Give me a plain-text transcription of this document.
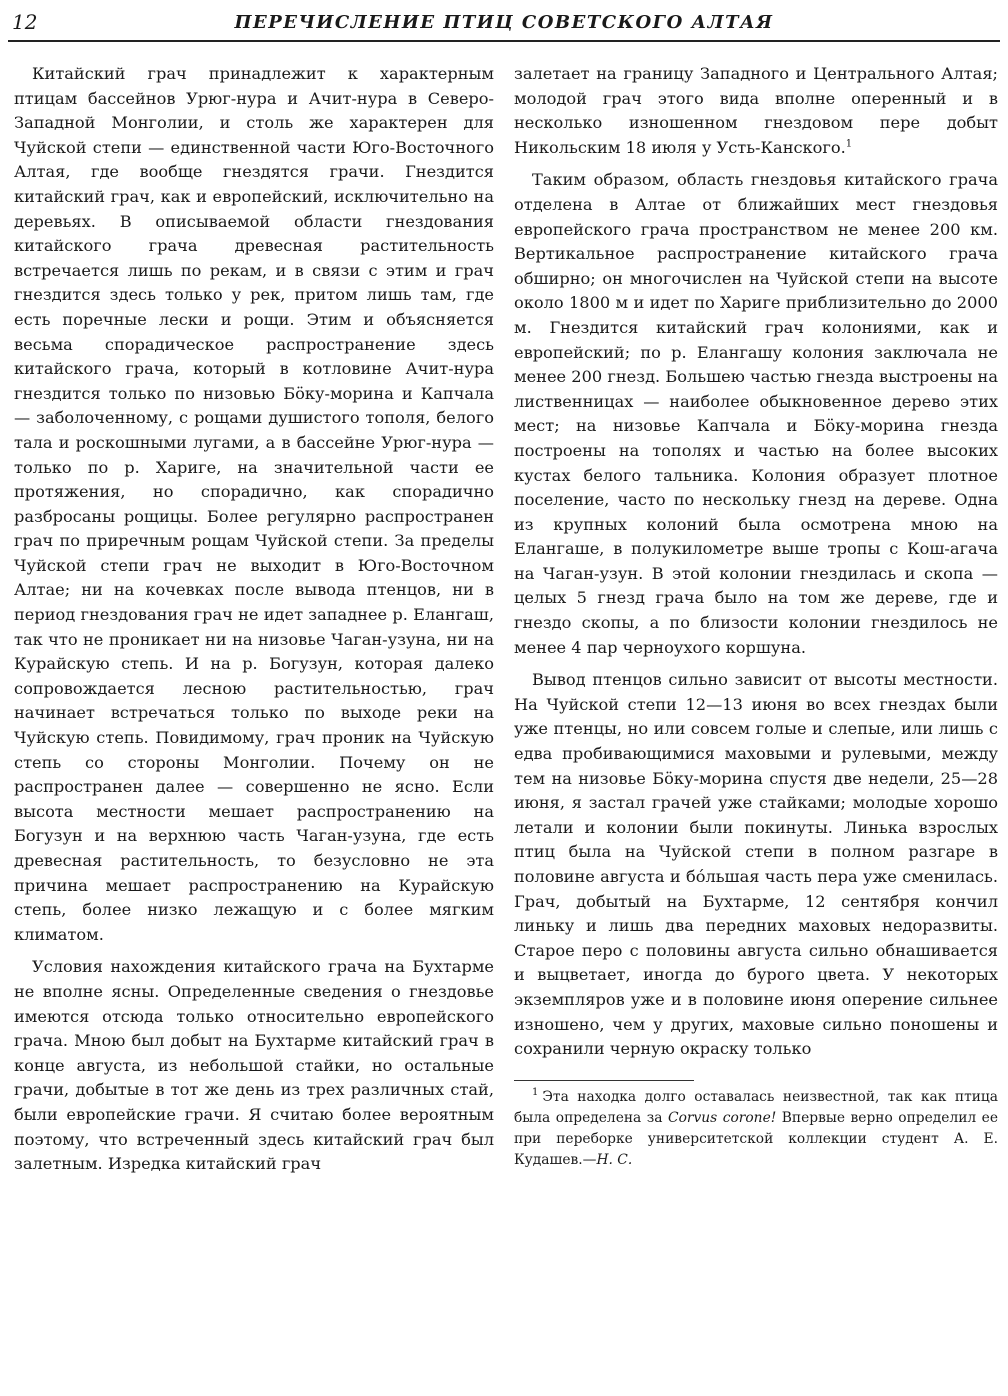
12	ПЕРЕЧИСЛЕНИЕ ПТИЦ СОВЕТСКОГО АЛТАЯ

Китайский грач принадлежит к характерным птицам бассейнов Урюг-нура и Ачит-нура в Северо-Западной Монголии, и столь же характерен для Чуйской степи — единственной части Юго-Восточного Алтая, где вообще гнездятся грачи. Гнездится китайский грач, как и европейский, исключительно на деревьях. В описываемой области гнездования китайского грача древесная растительность встречается лишь по рекам, и в связи с этим и грач гнездится здесь только у рек, притом лишь там, где есть поречные лески и рощи. Этим и объясняется весьма спорадическое распространение здесь китайского грача, который в котловине Ачит-нура гнездится только по низовью Бöку-морина и Капчала — заболоченному, с рощами душистого тополя, белого тала и роскошными лугами, а в бассейне Урюг-нура — только по р. Хариге, на значительной части ее протяжения, но спорадично, как спорадично разбросаны рощицы. Более регулярно распространен грач по приречным рощам Чуйской степи. За пределы Чуйской степи грач не выходит в Юго-Восточном Алтае; ни на кочевках после вывода птенцов, ни в период гнездования грач не идет западнее р. Елангаш, так что не проникает ни на низовье Чаган-узуна, ни на Курайскую степь. И на р. Богузун, которая далеко сопровождается лесною растительностью, грач начинает встречаться только по выходе реки на Чуйскую степь. Повидимому, грач проник на Чуйскую степь со стороны Монголии. Почему он не распространен далее — совершенно не ясно. Если высота местности мешает распространению на Богузун и на верхнюю часть Чаган-узуна, где есть древесная растительность, то безусловно не эта причина мешает распространению на Курайскую степь, более низко лежащую и с более мягким климатом.

Условия нахождения китайского грача на Бухтарме не вполне ясны. Определенные сведения о гнездовье имеются отсюда только относительно европейского грача. Мною был добыт на Бухтарме китайский грач в конце августа, из небольшой стайки, но остальные грачи, добытые в тот же день из трех различных стай, были европейские грачи. Я считаю более вероятным поэтому, что встреченный здесь китайский грач был залетным. Изредка китайский грач

залетает на границу Западного и Центрального Алтая; молодой грач этого вида вполне оперенный и в несколько изношенном гнездовом пере добыт Никольским 18 июля у Усть-Канского.$^1$

Таким образом, область гнездовья китайского грача отделена в Алтае от ближайших мест гнездовья европейского грача пространством не менее 200 км. Вертикальное распространение китайского грача обширно; он многочислен на Чуйской степи на высоте около 1800 м и идет по Хариге приблизительно до 2000 м. Гнездится китайский грач колониями, как и европейский; по р. Елангашу колония заключала не менее 200 гнезд. Большею частью гнезда выстроены на лиственницах — наиболее обыкновенное дерево этих мест; на низовье Капчала и Бöку-морина гнезда построены на тополях и частью на более высоких кустах белого тальника. Колония образует плотное поселение, часто по нескольку гнезд на дереве. Одна из крупных колоний была осмотрена мною на Елангаше, в полукилометре выше тропы с Кош-агача на Чаган-узун. В этой колонии гнездилась и скопа — целых 5 гнезд грача было на том же дереве, где и гнездо скопы, а по близости колонии гнездилось не менее 4 пар черноухого коршуна.

Вывод птенцов сильно зависит от высоты местности. На Чуйской степи 12—13 июня во всех гнездах были уже птенцы, но или совсем голые и слепые, или лишь с едва пробивающимися маховыми и рулевыми, между тем на низовье Бöку-морина спустя две недели, 25—28 июня, я застал грачей уже стайками; молодые хорошо летали и колонии были покинуты. Линька взрослых птиц была на Чуйской степи в полном разгаре в половине августа и бóльшая часть пера уже сменилась. Грач, добытый на Бухтарме, 12 сентября кончил линьку и лишь два передних маховых недоразвиты. Старое перо с половины августа сильно обнашивается и выцветает, иногда до бурого цвета. У некоторых экземпляров уже и в половине июня оперение сильнее изношено, чем у других, маховые сильно поношены и сохранили черную окраску только

$^1$ Эта находка долго оставалась неизвестной, так как птица была определена за Corvus corone! Впервые верно определил ее при переборке университетской коллекции студент А. Е. Кудашев.—Н. С.
